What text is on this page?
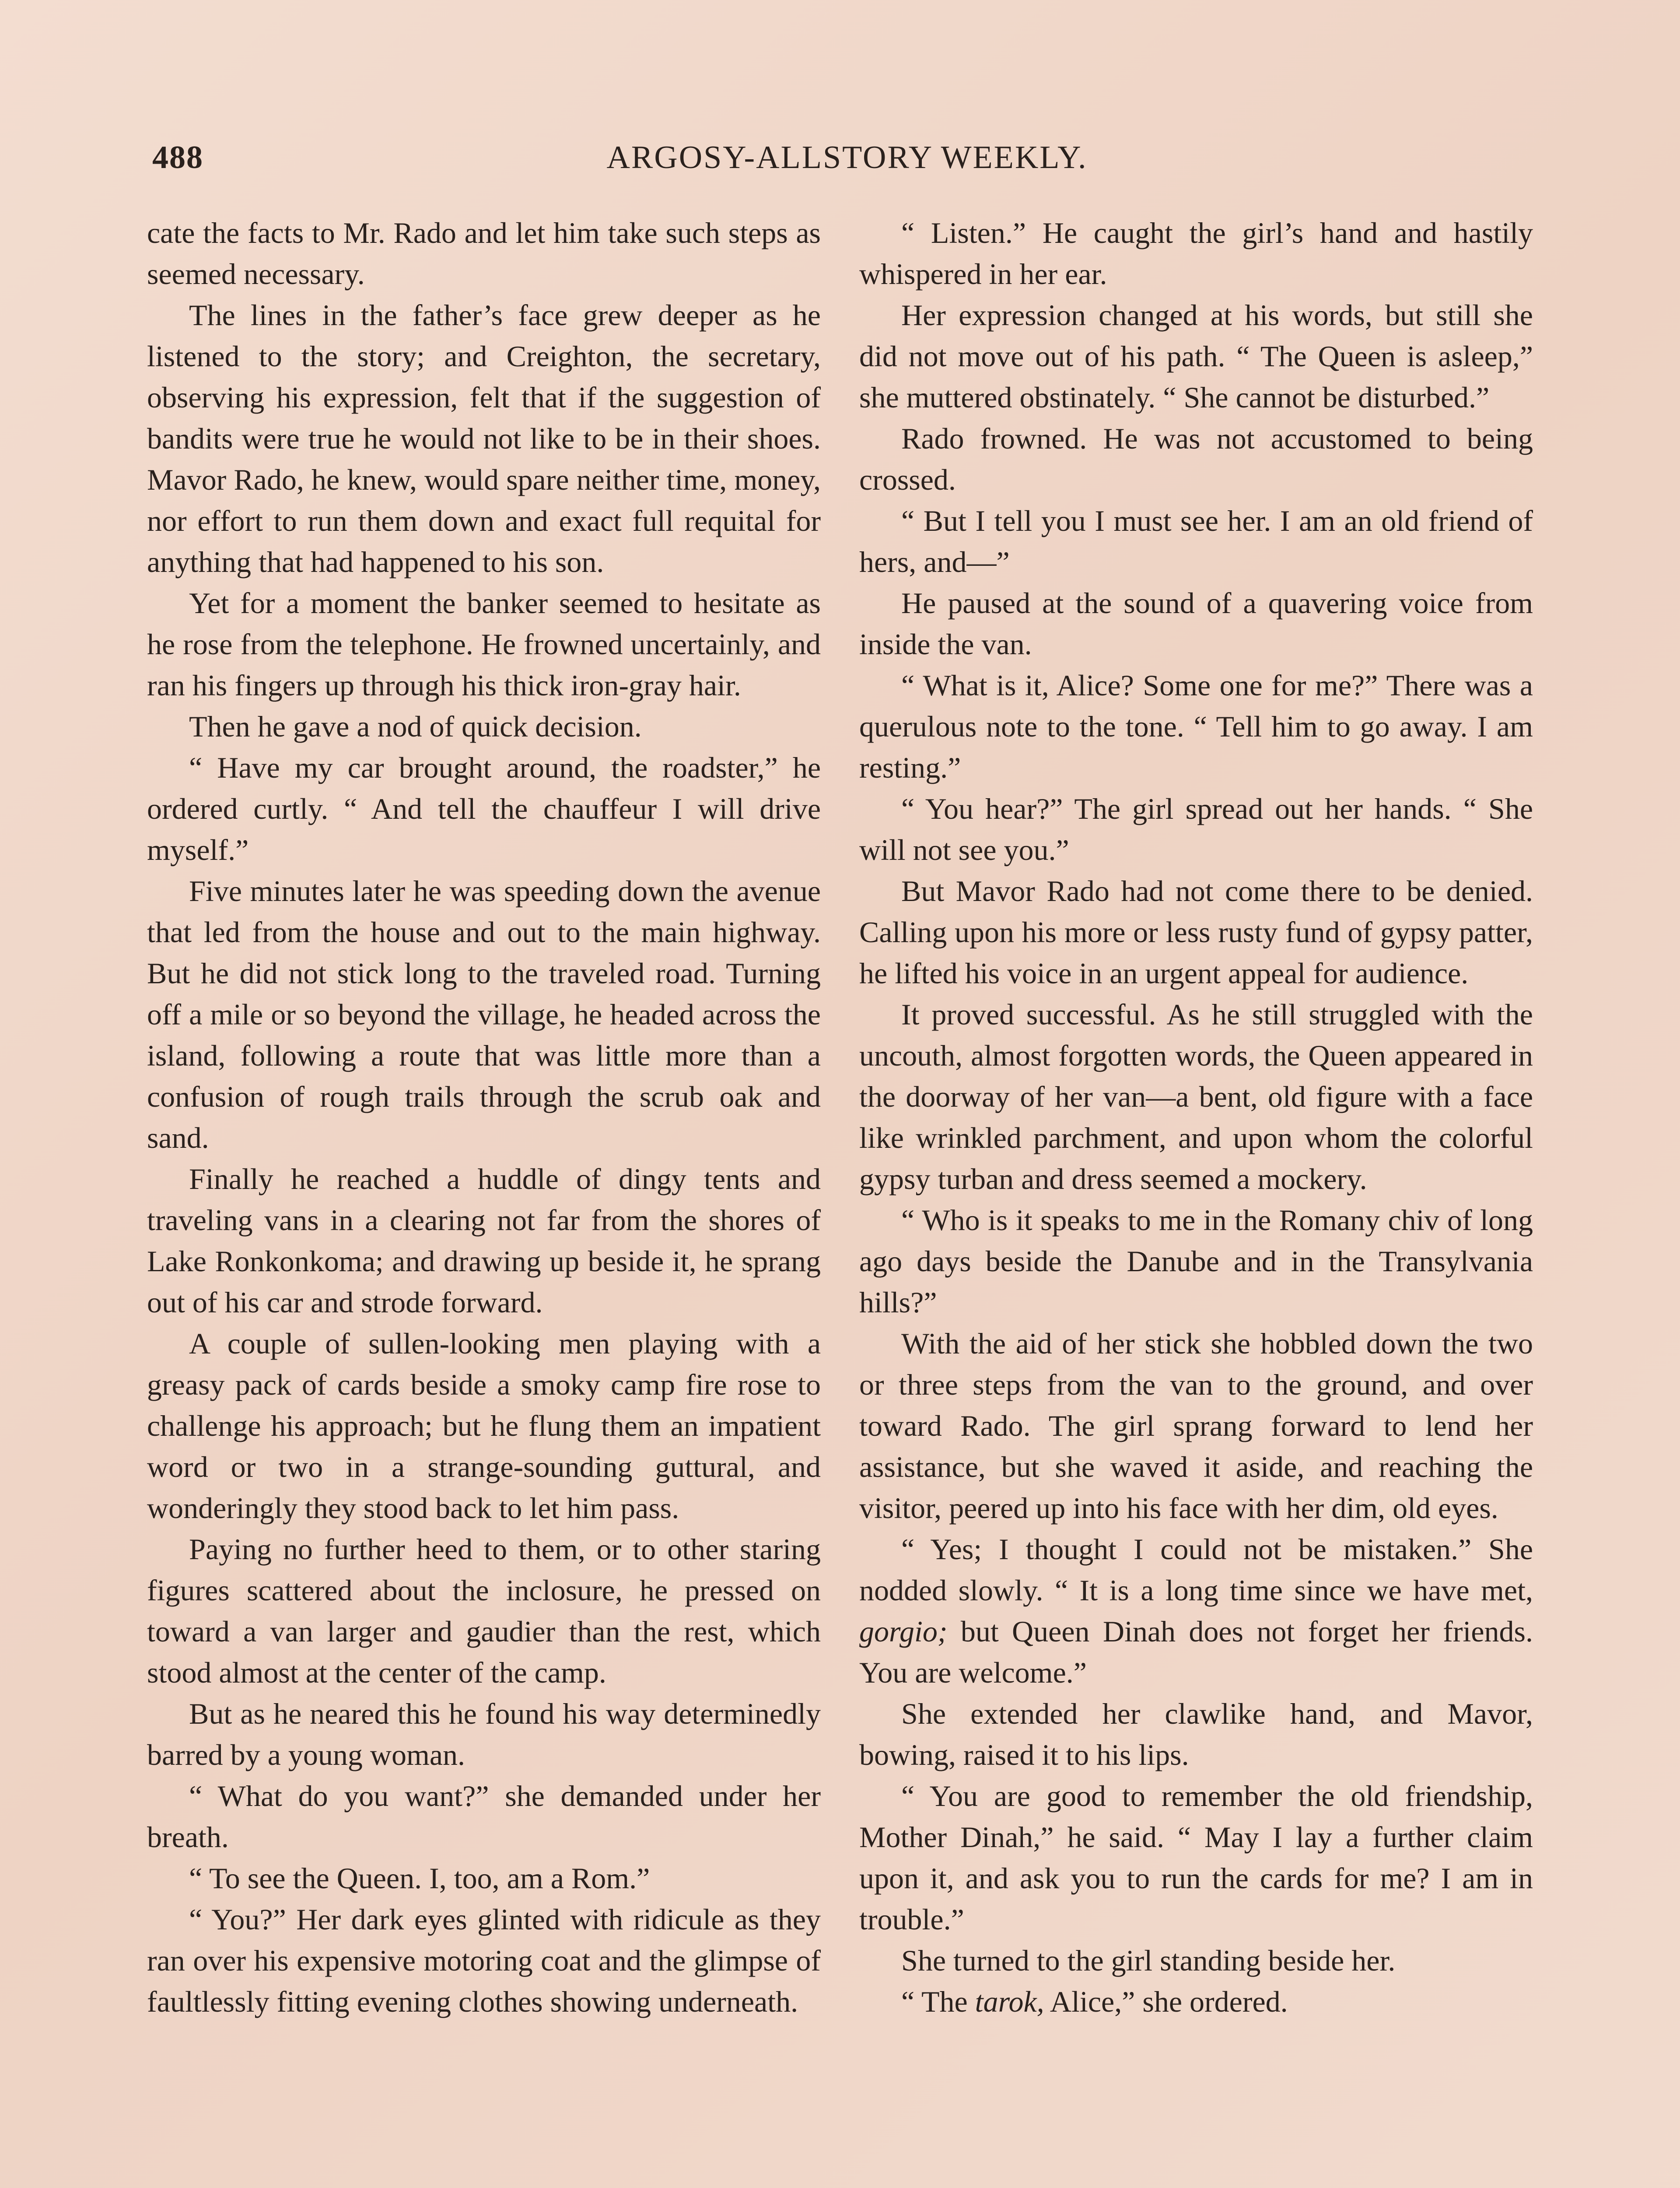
488	ARGOSY-ALLSTORY WEEKLY.

cate the facts to Mr. Rado and let him take such steps as seemed necessary.

The lines in the father’s face grew deeper as he listened to the story; and Creighton, the secretary, observing his expression, felt that if the suggestion of bandits were true he would not like to be in their shoes. Mavor Rado, he knew, would spare neither time, money, nor effort to run them down and exact full requital for anything that had happened to his son.

Yet for a moment the banker seemed to hesitate as he rose from the telephone. He frowned uncertainly, and ran his fingers up through his thick iron-gray hair.

Then he gave a nod of quick decision.

“ Have my car brought around, the roadster,” he ordered curtly. “ And tell the chauffeur I will drive myself.”

Five minutes later he was speeding down the avenue that led from the house and out to the main highway. But he did not stick long to the traveled road. Turning off a mile or so beyond the village, he headed across the island, following a route that was little more than a confusion of rough trails through the scrub oak and sand.

Finally he reached a huddle of dingy tents and traveling vans in a clearing not far from the shores of Lake Ronkonkoma; and drawing up beside it, he sprang out of his car and strode forward.

A couple of sullen-looking men playing with a greasy pack of cards beside a smoky camp fire rose to challenge his approach; but he flung them an impatient word or two in a strange-sounding guttural, and wonderingly they stood back to let him pass.

Paying no further heed to them, or to other staring figures scattered about the inclosure, he pressed on toward a van larger and gaudier than the rest, which stood almost at the center of the camp.

But as he neared this he found his way determinedly barred by a young woman.

“ What do you want?” she demanded under her breath.

“ To see the Queen. I, too, am a Rom.”

“ You?” Her dark eyes glinted with ridicule as they ran over his expensive motoring coat and the glimpse of faultlessly fitting evening clothes showing underneath.

“ Listen.” He caught the girl’s hand and hastily whispered in her ear.

Her expression changed at his words, but still she did not move out of his path. “ The Queen is asleep,” she muttered obstinately. “ She cannot be disturbed.”

Rado frowned. He was not accustomed to being crossed.

“ But I tell you I must see her. I am an old friend of hers, and—”

He paused at the sound of a quavering voice from inside the van.

“ What is it, Alice? Some one for me?” There was a querulous note to the tone. “ Tell him to go away. I am resting.”

“ You hear?” The girl spread out her hands. “ She will not see you.”

But Mavor Rado had not come there to be denied. Calling upon his more or less rusty fund of gypsy patter, he lifted his voice in an urgent appeal for audience.

It proved successful. As he still struggled with the uncouth, almost forgotten words, the Queen appeared in the doorway of her van—a bent, old figure with a face like wrinkled parchment, and upon whom the colorful gypsy turban and dress seemed a mockery.

“ Who is it speaks to me in the Romany chiv of long ago days beside the Danube and in the Transylvania hills?”

With the aid of her stick she hobbled down the two or three steps from the van to the ground, and over toward Rado. The girl sprang forward to lend her assistance, but she waved it aside, and reaching the visitor, peered up into his face with her dim, old eyes.

“ Yes; I thought I could not be mistaken.” She nodded slowly. “ It is a long time since we have met, gorgio; but Queen Dinah does not forget her friends. You are welcome.”

She extended her clawlike hand, and Mavor, bowing, raised it to his lips.

“ You are good to remember the old friendship, Mother Dinah,” he said. “ May I lay a further claim upon it, and ask you to run the cards for me? I am in trouble.”

She turned to the girl standing beside her.

“ The tarok, Alice,” she ordered.
